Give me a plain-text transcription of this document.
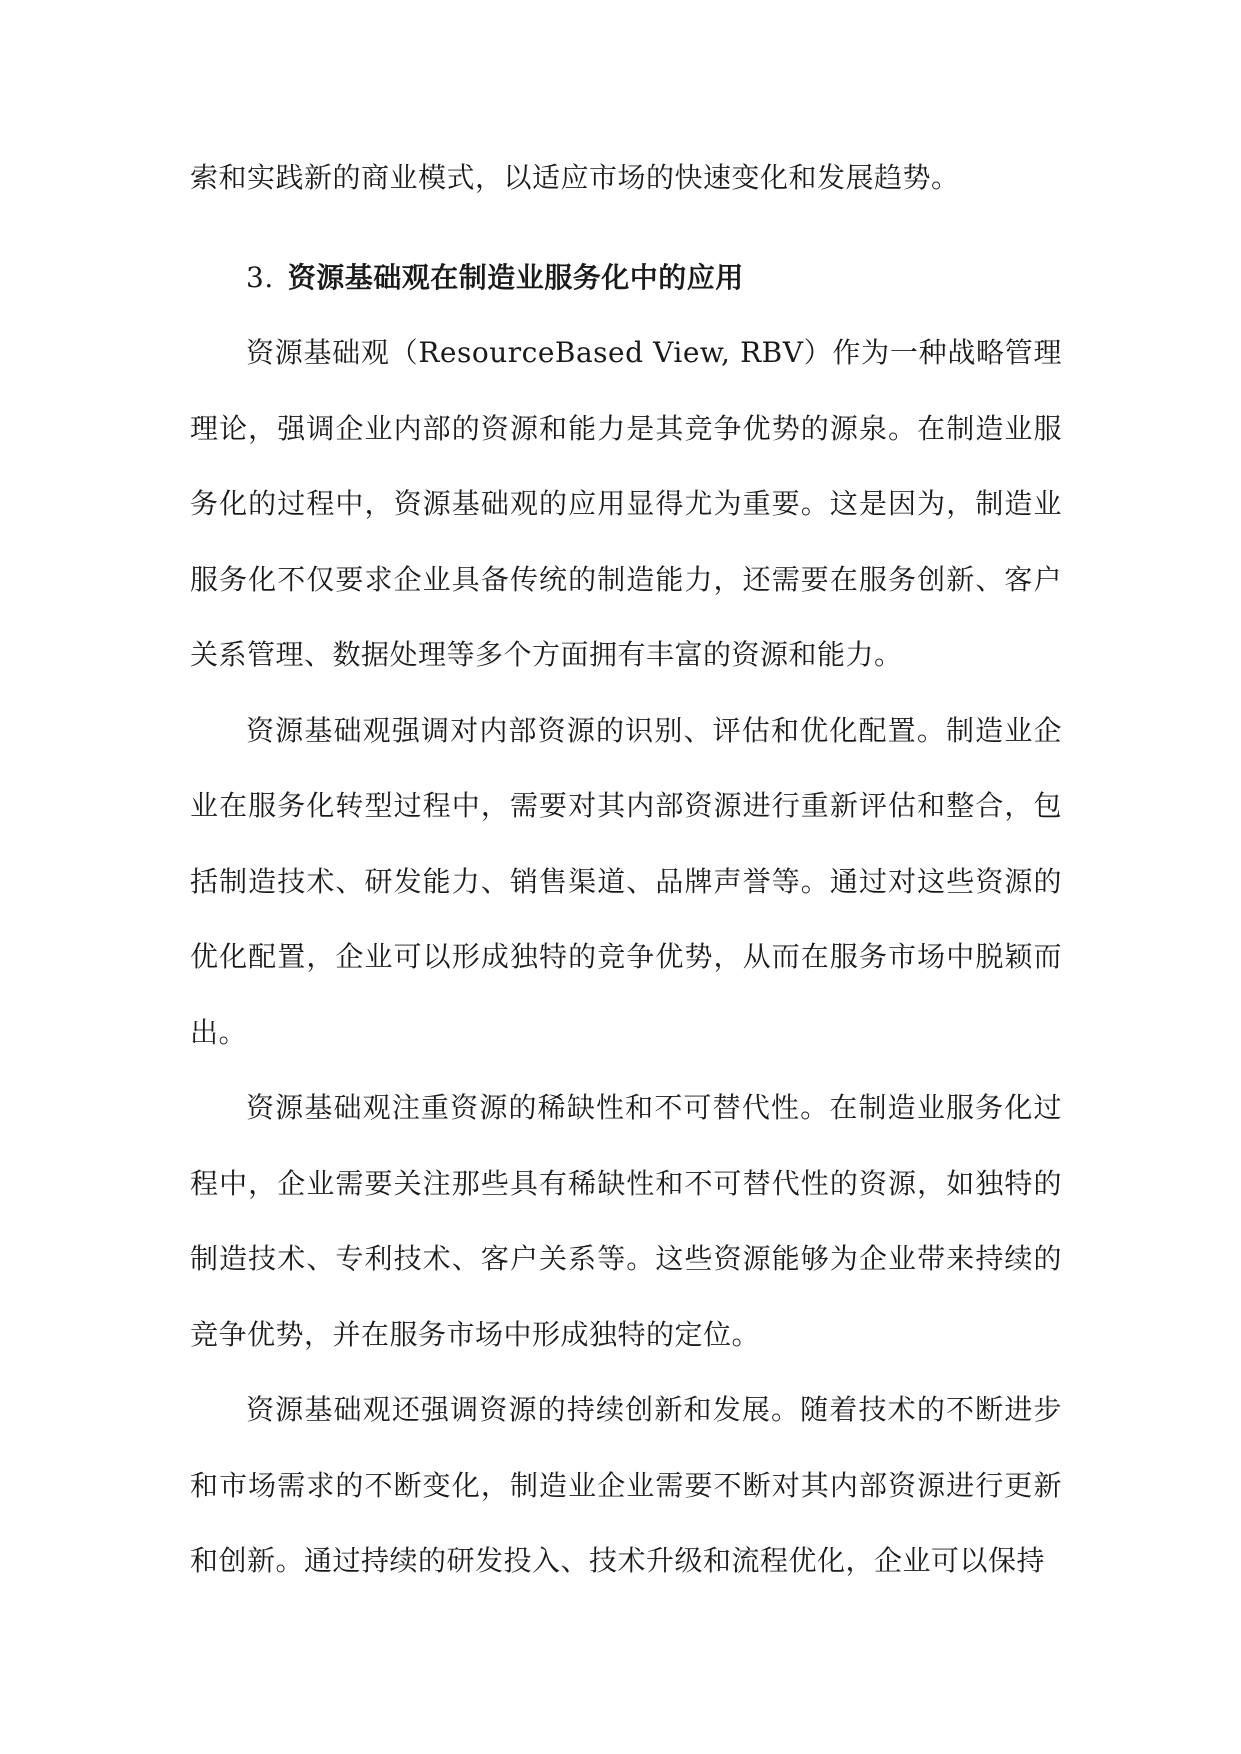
索和实践新的商业模式，以适应市场的快速变化和发展趋势。

3. 资源基础观在制造业服务化中的应用

资源基础观（ResourceBased View, RBV）作为一种战略管理理论，强调企业内部的资源和能力是其竞争优势的源泉。在制造业服务化的过程中，资源基础观的应用显得尤为重要。这是因为，制造业服务化不仅要求企业具备传统的制造能力，还需要在服务创新、客户关系管理、数据处理等多个方面拥有丰富的资源和能力。

资源基础观强调对内部资源的识别、评估和优化配置。制造业企业在服务化转型过程中，需要对其内部资源进行重新评估和整合，包括制造技术、研发能力、销售渠道、品牌声誉等。通过对这些资源的优化配置，企业可以形成独特的竞争优势，从而在服务市场中脱颖而出。

资源基础观注重资源的稀缺性和不可替代性。在制造业服务化过程中，企业需要关注那些具有稀缺性和不可替代性的资源，如独特的制造技术、专利技术、客户关系等。这些资源能够为企业带来持续的竞争优势，并在服务市场中形成独特的定位。

资源基础观还强调资源的持续创新和发展。随着技术的不断进步和市场需求的不断变化，制造业企业需要不断对其内部资源进行更新和创新。通过持续的研发投入、技术升级和流程优化，企业可以保持
